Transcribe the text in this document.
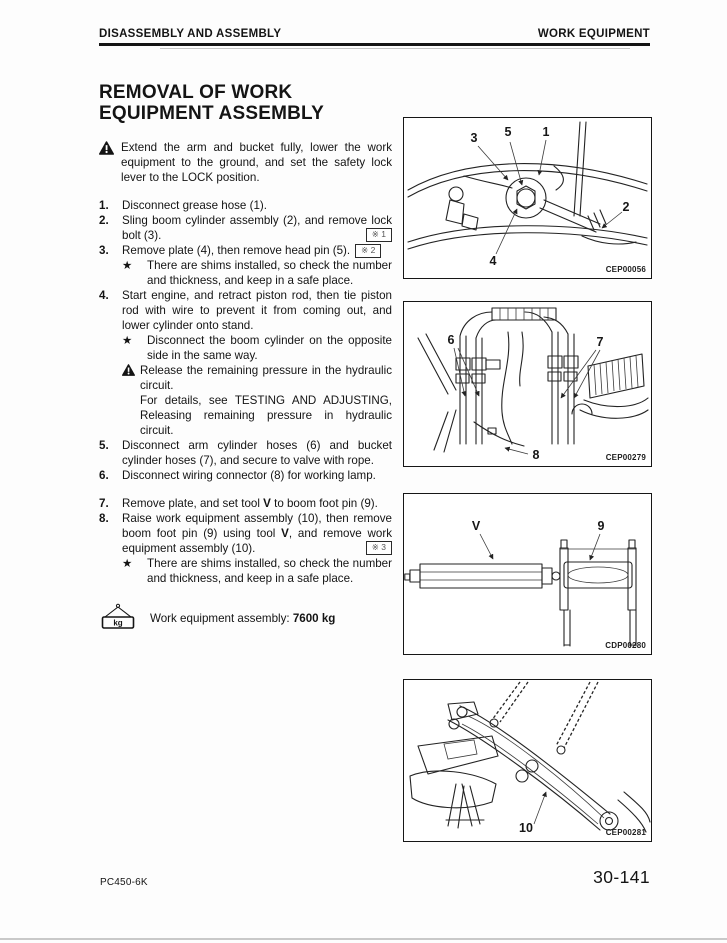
DISASSEMBLY AND ASSEMBLY	WORK EQUIPMENT
REMOVAL OF WORK
EQUIPMENT ASSEMBLY

Extend the arm and bucket fully, lower the work equipment to the ground, and set the safety lock lever to the LOCK position.

1.	Disconnect grease hose (1).

2.	Sling boom cylinder assembly (2), and remove lock bolt (3).	※ 1

3.	Remove plate (4), then remove head pin (5). ※ 2

★	There are shims installed, so check the number and thickness, and keep in a safe place.

4.	Start engine, and retract piston rod, then tie piston rod with wire to prevent it from coming out, and lower cylinder onto stand.

★	Disconnect the boom cylinder on the opposite side in the same way.

Release the remaining pressure in the hydraulic circuit.

For details, see TESTING AND ADJUSTING, Releasing remaining pressure in hydraulic circuit.

5.	Disconnect arm cylinder hoses (6) and bucket cylinder hoses (7), and secure to valve with rope.

6.	Disconnect wiring connector (8) for working lamp.

7.	Remove plate, and set tool V to boom foot pin (9).

8.	Raise work equipment assembly (10), then remove boom foot pin (9) using tool V, and remove work equipment assembly (10).	※ 3

★	There are shims installed, so check the number and thickness, and keep in a safe place.

kg Work equipment assembly: 7600 kg
3 5 1
2
4
CEP00056
6	7
8	CEP00279
V	9
CDP00280
10	CEP00281
PC450-6K	30-141
